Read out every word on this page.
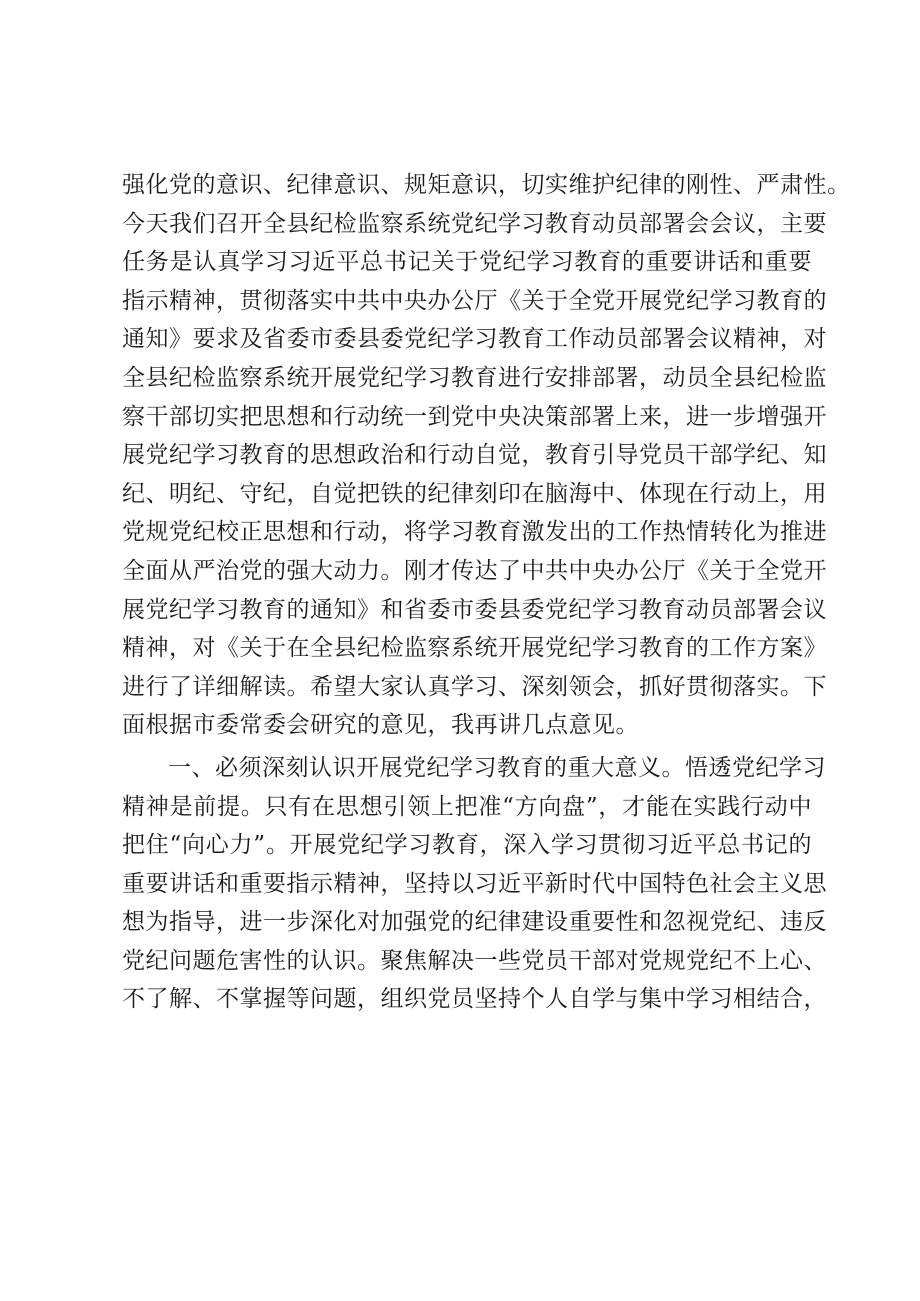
强化党的意识、纪律意识、规矩意识，切实维护纪律的刚性、严肃性。
今天我们召开全县纪检监察系统党纪学习教育动员部署会会议，主要
任务是认真学习习近平总书记关于党纪学习教育的重要讲话和重要
指示精神，贯彻落实中共中央办公厅《关于全党开展党纪学习教育的
通知》要求及省委市委县委党纪学习教育工作动员部署会议精神，对
全县纪检监察系统开展党纪学习教育进行安排部署，动员全县纪检监
察干部切实把思想和行动统一到党中央决策部署上来，进一步增强开
展党纪学习教育的思想政治和行动自觉，教育引导党员干部学纪、知
纪、明纪、守纪，自觉把铁的纪律刻印在脑海中、体现在行动上，用
党规党纪校正思想和行动，将学习教育激发出的工作热情转化为推进
全面从严治党的强大动力。刚才传达了中共中央办公厅《关于全党开
展党纪学习教育的通知》和省委市委县委党纪学习教育动员部署会议
精神，对《关于在全县纪检监察系统开展党纪学习教育的工作方案》
进行了详细解读。希望大家认真学习、深刻领会，抓好贯彻落实。下
面根据市委常委会研究的意见，我再讲几点意见。
一、必须深刻认识开展党纪学习教育的重大意义。悟透党纪学习
精神是前提。只有在思想引领上把准“方向盘”，才能在实践行动中
把住“向心力”。开展党纪学习教育，深入学习贯彻习近平总书记的
重要讲话和重要指示精神，坚持以习近平新时代中国特色社会主义思
想为指导，进一步深化对加强党的纪律建设重要性和忽视党纪、违反
党纪问题危害性的认识。聚焦解决一些党员干部对党规党纪不上心、
不了解、不掌握等问题，组织党员坚持个人自学与集中学习相结合，
